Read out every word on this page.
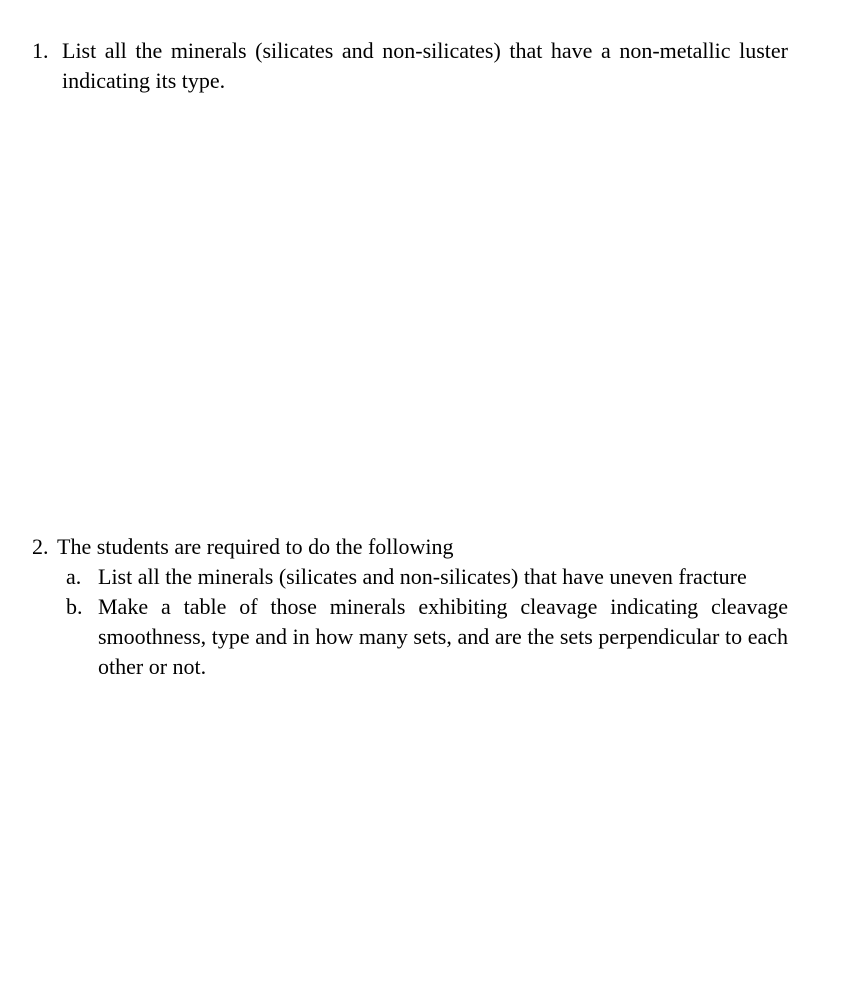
1. List all the minerals (silicates and non-silicates) that have a non-metallic luster indicating its type.
2. The students are required to do the following
a. List all the minerals (silicates and non-silicates) that have uneven fracture
b. Make a table of those minerals exhibiting cleavage indicating cleavage smoothness, type and in how many sets, and are the sets perpendicular to each other or not.
